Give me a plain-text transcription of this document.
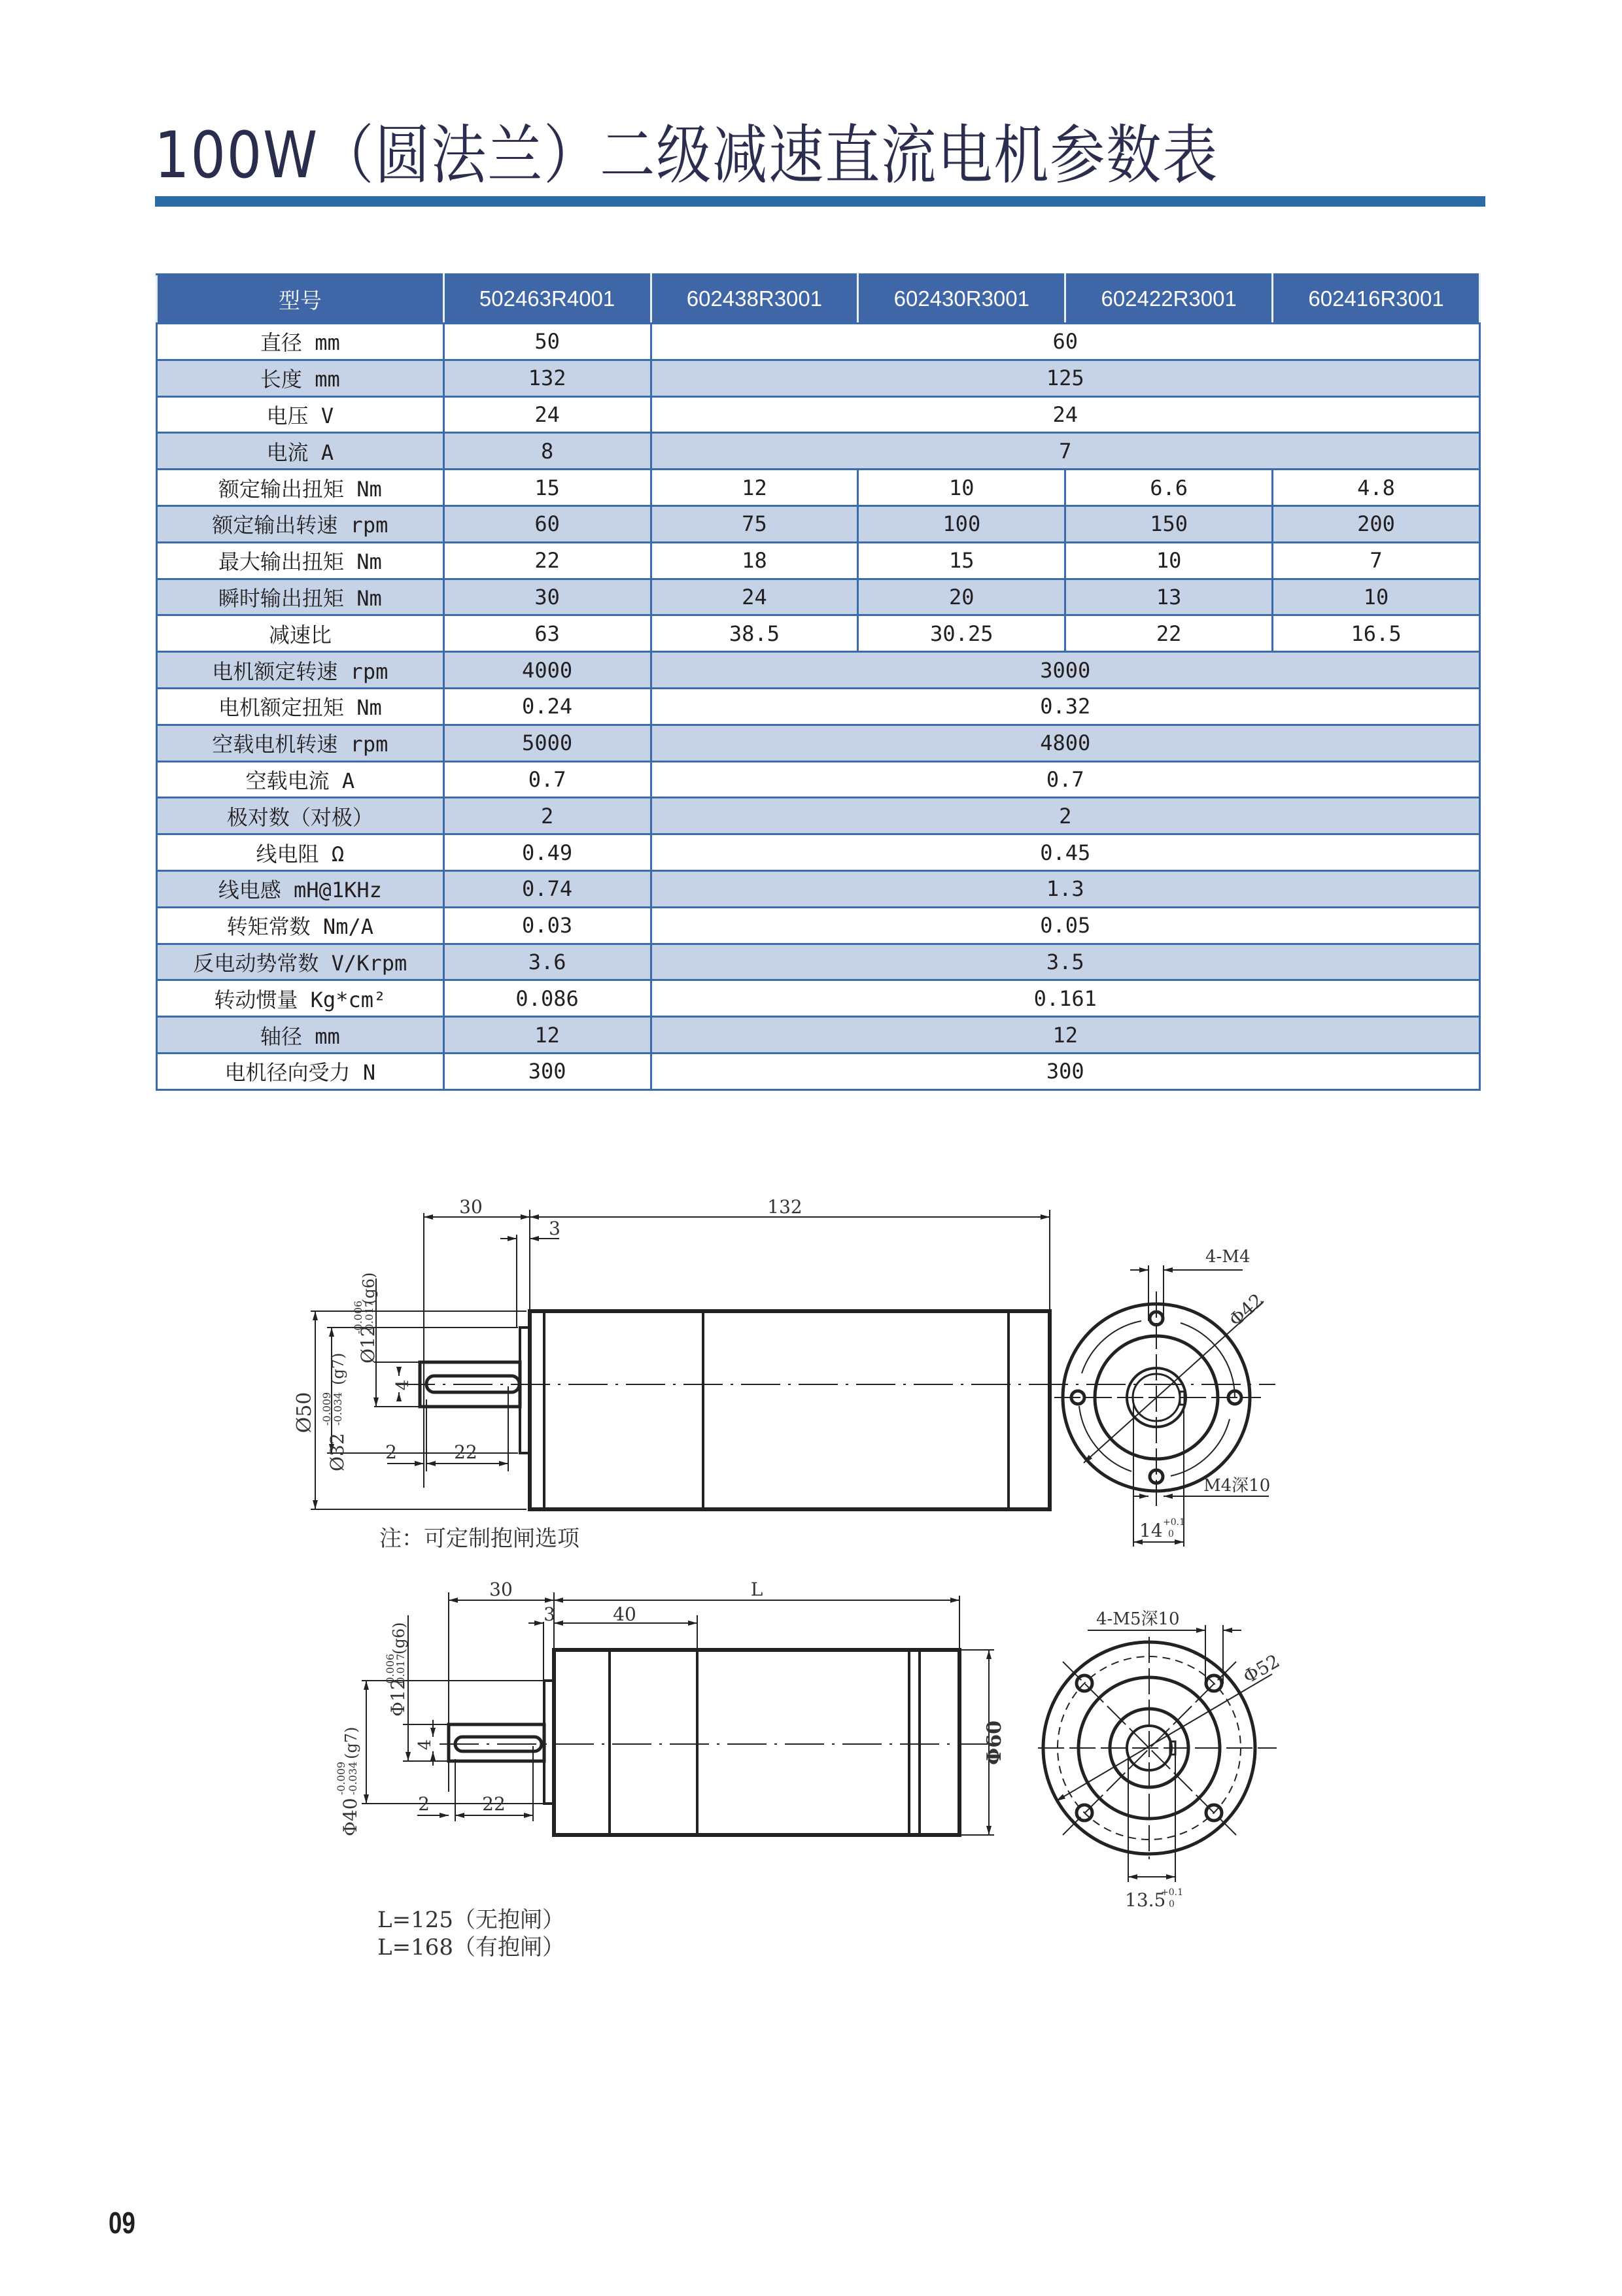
100W（圆法兰）二级减速直流电机参数表
型号	502463R4001	602438R3001	602430R3001	602422R3001	602416R3001
直径 mm	50	60			
长度 mm	132	125			
电压 V	24	24			
电流 A	8	7			
额定输出扭矩 Nm	15	12	10	6.6	4.8
额定输出转速 rpm	60	75	100	150	200
最大输出扭矩 Nm	22	18	15	10	7
瞬时输出扭矩 Nm	30	24	20	13	10
减速比	63	38.5	30.25	22	16.5
电机额定转速 rpm	4000	3000			
电机额定扭矩 Nm	0.24	0.32			
空载电机转速 rpm	5000	4800			
空载电流 A	0.7	0.7			
极对数（对极）	2	2			
线电阻 Ω	0.49	0.45			
线电感 mH@1KHz	0.74	1.3			
转矩常数 Nm/A	0.03	0.05			
反电动势常数 V/Krpm	3.6	3.5			
转动惯量 Kg*cm²	0.086	0.161			
轴径 mm	12	12			
电机径向受力 N	300	300			
30	132
3
2	22
4
Ø50
Ø32
-0.009
-0.034
(g7)
Ø12
-0.006
-0.017
(g6)
4-M4
Φ42
M4深10
14 +0.1
0
30	L
3	40
2	22
4	Φ60
Φ40
-0.009 -0.034
(g7)
Φ12
-0.006
-0.017
(g6)
4-M5深10
Φ52
13.5
+0.1
0
注：可定制抱闸选项
L=125（无抱闸）
L=168（有抱闸）
09
